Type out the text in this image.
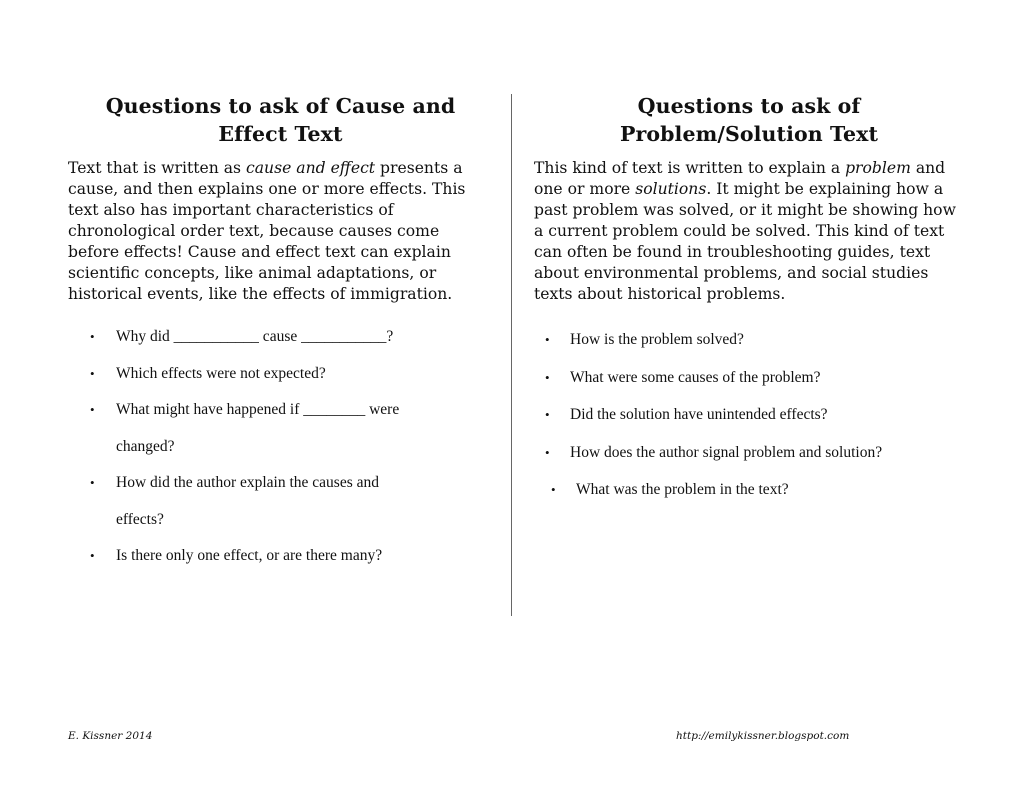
Questions to ask of Cause and
Effect Text

Text that is written as cause and effect presents a cause, and then explains one or more effects. This text also has important characteristics of chronological order text, because causes come before effects! Cause and effect text can explain scientific concepts, like animal adaptations, or historical events, like the effects of immigration.

• Why did ___________ cause ___________?
• Which effects were not expected?
• What might have happened if ________ were
changed?
• How did the author explain the causes and
effects?
• Is there only one effect, or are there many?
Questions to ask of
Problem/Solution Text

This kind of text is written to explain a problem and one or more solutions. It might be explaining how a past problem was solved, or it might be showing how a current problem could be solved. This kind of text can often be found in troubleshooting guides, text about environmental problems, and social studies texts about historical problems.

• How is the problem solved?
• What were some causes of the problem?
• Did the solution have unintended effects?
• How does the author signal problem and solution?
• What was the problem in the text?
E. Kissner 2014	http://emilykissner.blogspot.com
